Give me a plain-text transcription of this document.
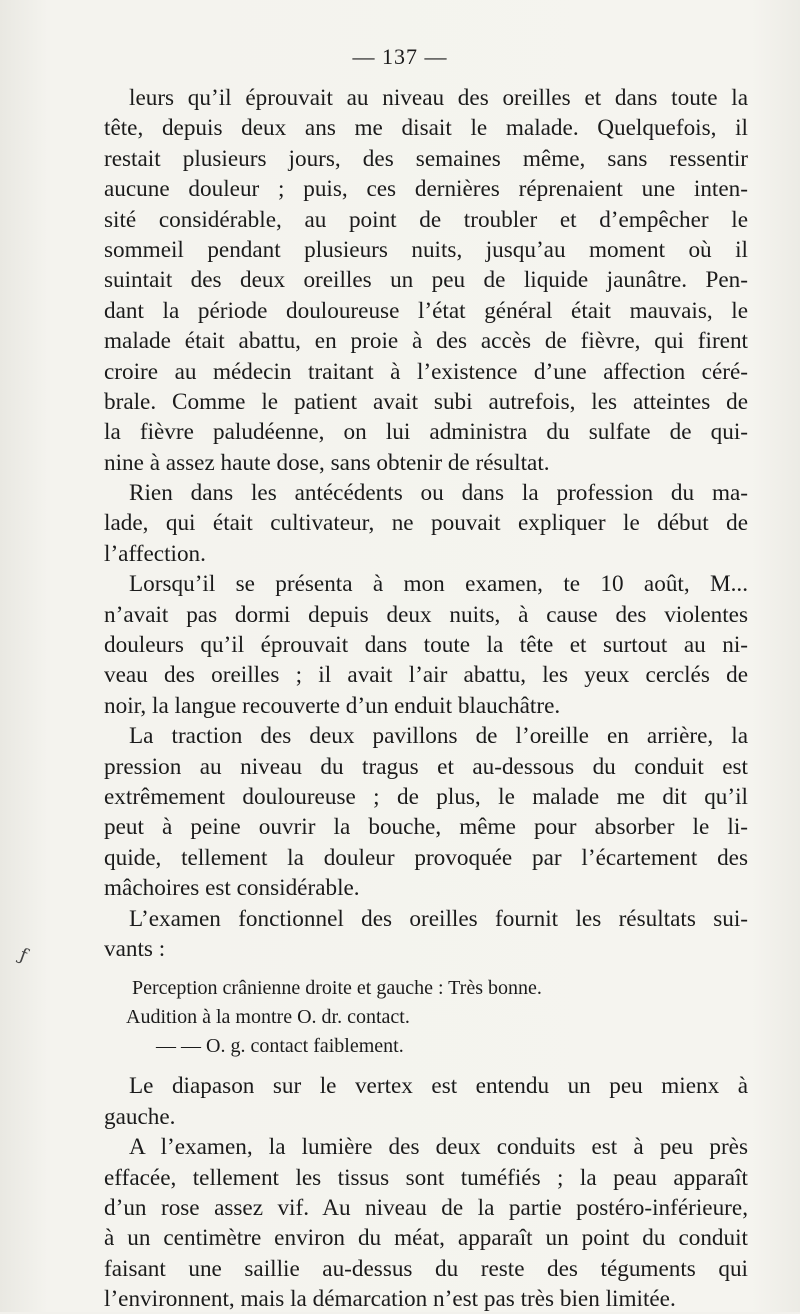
— 137 —
ƒ
leurs qu’il éprouvait au niveau des oreilles et dans toute la
tête, depuis deux ans me disait le malade. Quelquefois, il
restait plusieurs jours, des semaines même, sans ressentir
aucune douleur ; puis, ces dernières réprenaient une inten-
sité considérable, au point de troubler et d’empêcher le
sommeil pendant plusieurs nuits, jusqu’au moment où il
suintait des deux oreilles un peu de liquide jaunâtre. Pen-
dant la période douloureuse l’état général était mauvais, le
malade était abattu, en proie à des accès de fièvre, qui firent
croire au médecin traitant à l’existence d’une affection céré-
brale. Comme le patient avait subi autrefois, les atteintes de
la fièvre paludéenne, on lui administra du sulfate de qui-
nine à assez haute dose, sans obtenir de résultat.
Rien dans les antécédents ou dans la profession du ma-
lade, qui était cultivateur, ne pouvait expliquer le début de
l’affection.
Lorsqu’il se présenta à mon examen, te 10 août, M...
n’avait pas dormi depuis deux nuits, à cause des violentes
douleurs qu’il éprouvait dans toute la tête et surtout au ni-
veau des oreilles ; il avait l’air abattu, les yeux cerclés de
noir, la langue recouverte d’un enduit blauchâtre.
La traction des deux pavillons de l’oreille en arrière, la
pression au niveau du tragus et au-dessous du conduit est
extrêmement douloureuse ; de plus, le malade me dit qu’il
peut à peine ouvrir la bouche, même pour absorber le li-
quide, tellement la douleur provoquée par l’écartement des
mâchoires est considérable.
L’examen fonctionnel des oreilles fournit les résultats sui-
vants :
Perception crânienne droite et gauche : Très bonne.
Audition à la montre O. dr. contact.
— — O. g. contact faiblement.
Le diapason sur le vertex est entendu un peu mienx à
gauche.
A l’examen, la lumière des deux conduits est à peu près
effacée, tellement les tissus sont tuméfiés ; la peau apparaît
d’un rose assez vif. Au niveau de la partie postéro-inférieure,
à un centimètre environ du méat, apparaît un point du conduit
faisant une saillie au-dessus du reste des téguments qui
l’environnent, mais la démarcation n’est pas très bien limitée.
